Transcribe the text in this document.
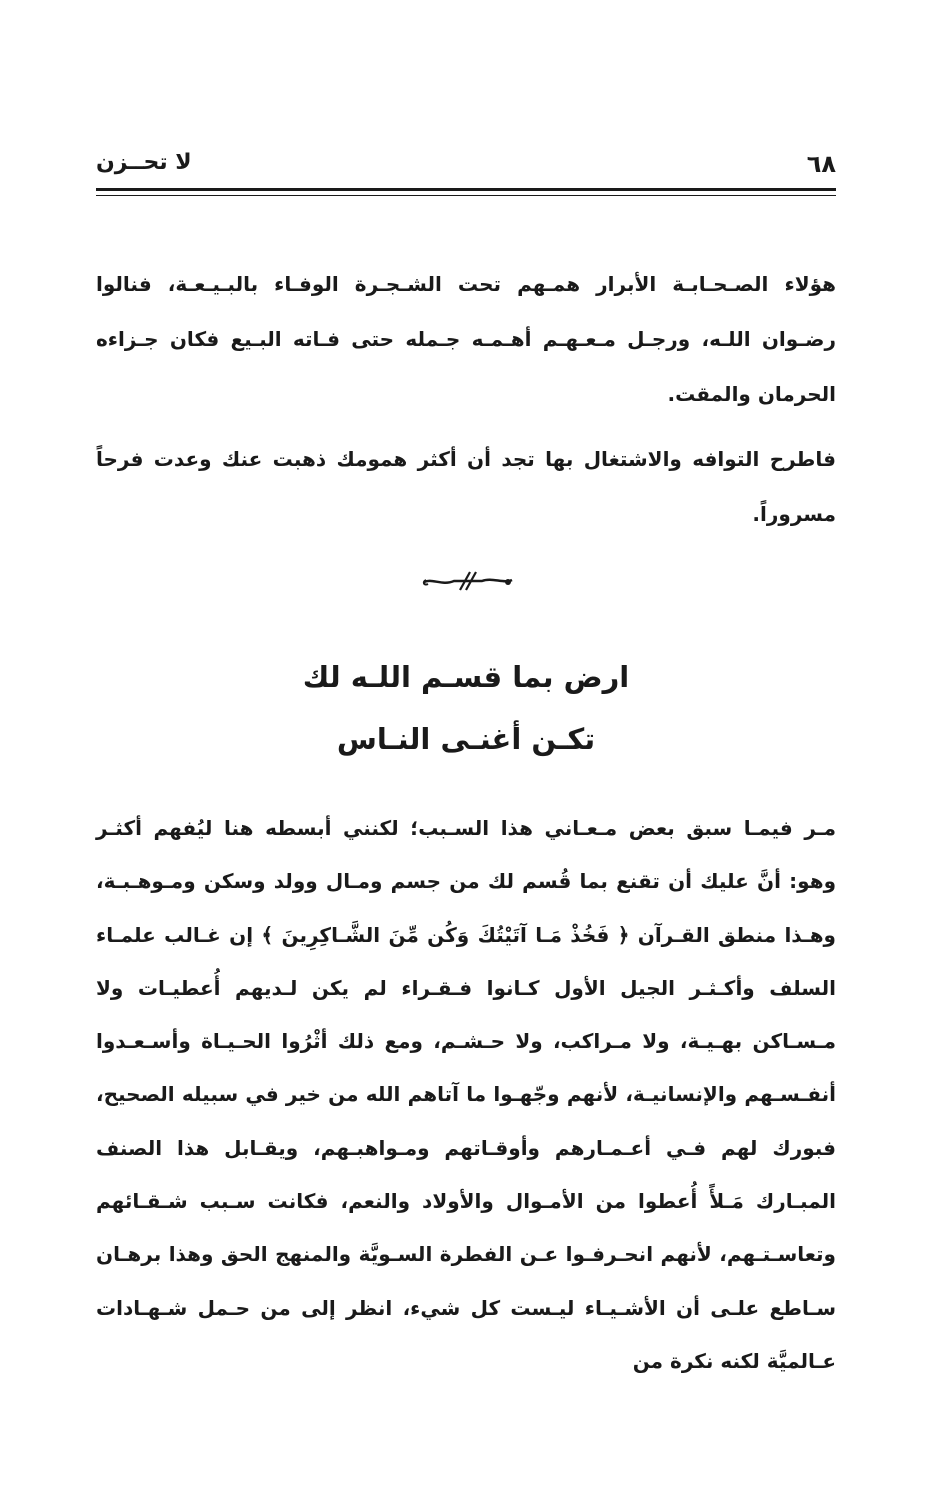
٦٨
لا تحــزن

هؤلاء الصـحـابـة الأبرار همـهم تحت الشـجـرة الوفـاء بالبـيـعـة، فنالوا رضـوان اللـه، ورجـل مـعـهـم أهـمـه جـمله حتى فـاته البـيع فكان جـزاءه الحرمان والمقت.

فاطرح التوافه والاشتغال بها تجد أن أكثر همومك ذهبت عنك وعدت فرحاً مسروراً.

ارض بما قسـم اللـه لك
تكـن أغنـى النـاس

مـر فيمـا سبق بعض مـعـاني هذا السـبب؛ لكنني أبسطه هنا ليُفهم أكثـر وهو: أنَّ عليك أن تقنع بما قُسم لك من جسم ومـال وولد وسكن ومـوهـبـة، وهـذا منطق القـرآن ﴿ فَخُذْ مَـا آتَيْتُكَ وَكُن مِّنَ الشَّـاكِرِينَ ﴾ إن غـالب علمـاء السلف وأكـثـر الجيل الأول كـانوا فـقـراء لم يكن لـديهم أُعطيـات ولا مـسـاكن بهـيـة، ولا مـراكب، ولا حـشـم، ومع ذلك أثْرُوا الحـيـاة وأسـعـدوا أنفـسـهم والإنسانيـة، لأنهم وجّهـوا ما آتاهم الله من خير في سبيله الصحيح، فبورك لهم فـي أعـمـارهم وأوقـاتهم ومـواهبـهم، ويقـابل هذا الصنف المبـارك مَـلأً أُعطوا من الأمـوال والأولاد والنعم، فكانت سـبب شـقـائهم وتعاسـتـهم، لأنهم انحـرفـوا عـن الفطرة السـويَّة والمنهج الحق وهذا برهـان سـاطع علـى أن الأشـيـاء ليـست كل شيء، انظر إلى من حـمل شـهـادات عـالميَّة لكنه نكرة من
